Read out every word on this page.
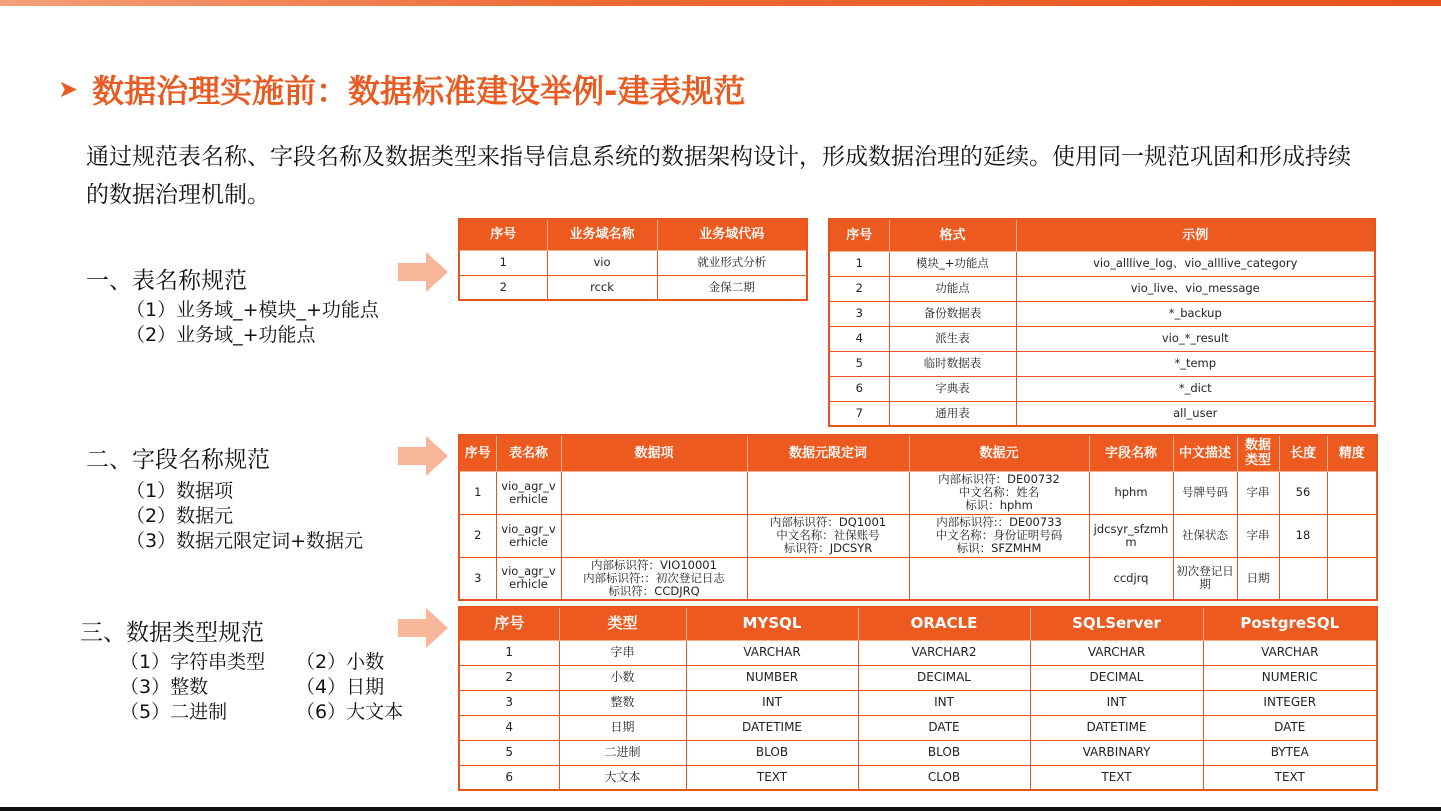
➤ 数据治理实施前：数据标准建设举例-建表规范
通过规范表名称、字段名称及数据类型来指导信息系统的数据架构设计，形成数据治理的延续。使用同一规范巩固和形成持续的数据治理机制。
一、表名称规范
（1）业务域_+模块_+功能点
（2）业务域_+功能点
二、字段名称规范
（1）数据项
（2）数据元
（3）数据元限定词+数据元
三、数据类型规范
（1）字符串类型	（2）小数
（3）整数	（4）日期
（5）二进制	（6）大文本
序号	业务域名称	业务域代码
1	vio	就业形式分析
2	rcck	金保二期
序号	格式	示例
1	模块_+功能点	vio_alllive_log、vio_alllive_category
2	功能点	vio_live、vio_message
3	备份数据表	*_backup
4	派生表	vio_*_result
5	临时数据表	*_temp
6	字典表	*_dict
7	通用表	all_user
序号	表名称	数据项	数据元限定词	数据元	字段名称	中文描述	数据类型	长度	精度
1	vio_agr_verhicle			内部标识符：DE00732
中文名称：姓名
标识：hphm	hphm	号牌号码	字串	56	
2	vio_agr_verhicle		内部标识符：DQ1001
中文名称：社保账号
标识符：JDCSYR	内部标识符:：DE00733
中文名称：身份证明号码
标识：SFZMHM	jdcsyr_sfzmhm	社保状态	字串	18	
3	vio_agr_verhicle	内部标识符：VIO10001
内部标识符:：初次登记日志
标识符：CCDJRQ			ccdjrq	初次登记日期	日期		
序号	类型	MYSQL	ORACLE	SQLServer	PostgreSQL
1	字串	VARCHAR	VARCHAR2	VARCHAR	VARCHAR
2	小数	NUMBER	DECIMAL	DECIMAL	NUMERIC
3	整数	INT	INT	INT	INTEGER
4	日期	DATETIME	DATE	DATETIME	DATE
5	二进制	BLOB	BLOB	VARBINARY	BYTEA
6	大文本	TEXT	CLOB	TEXT	TEXT
